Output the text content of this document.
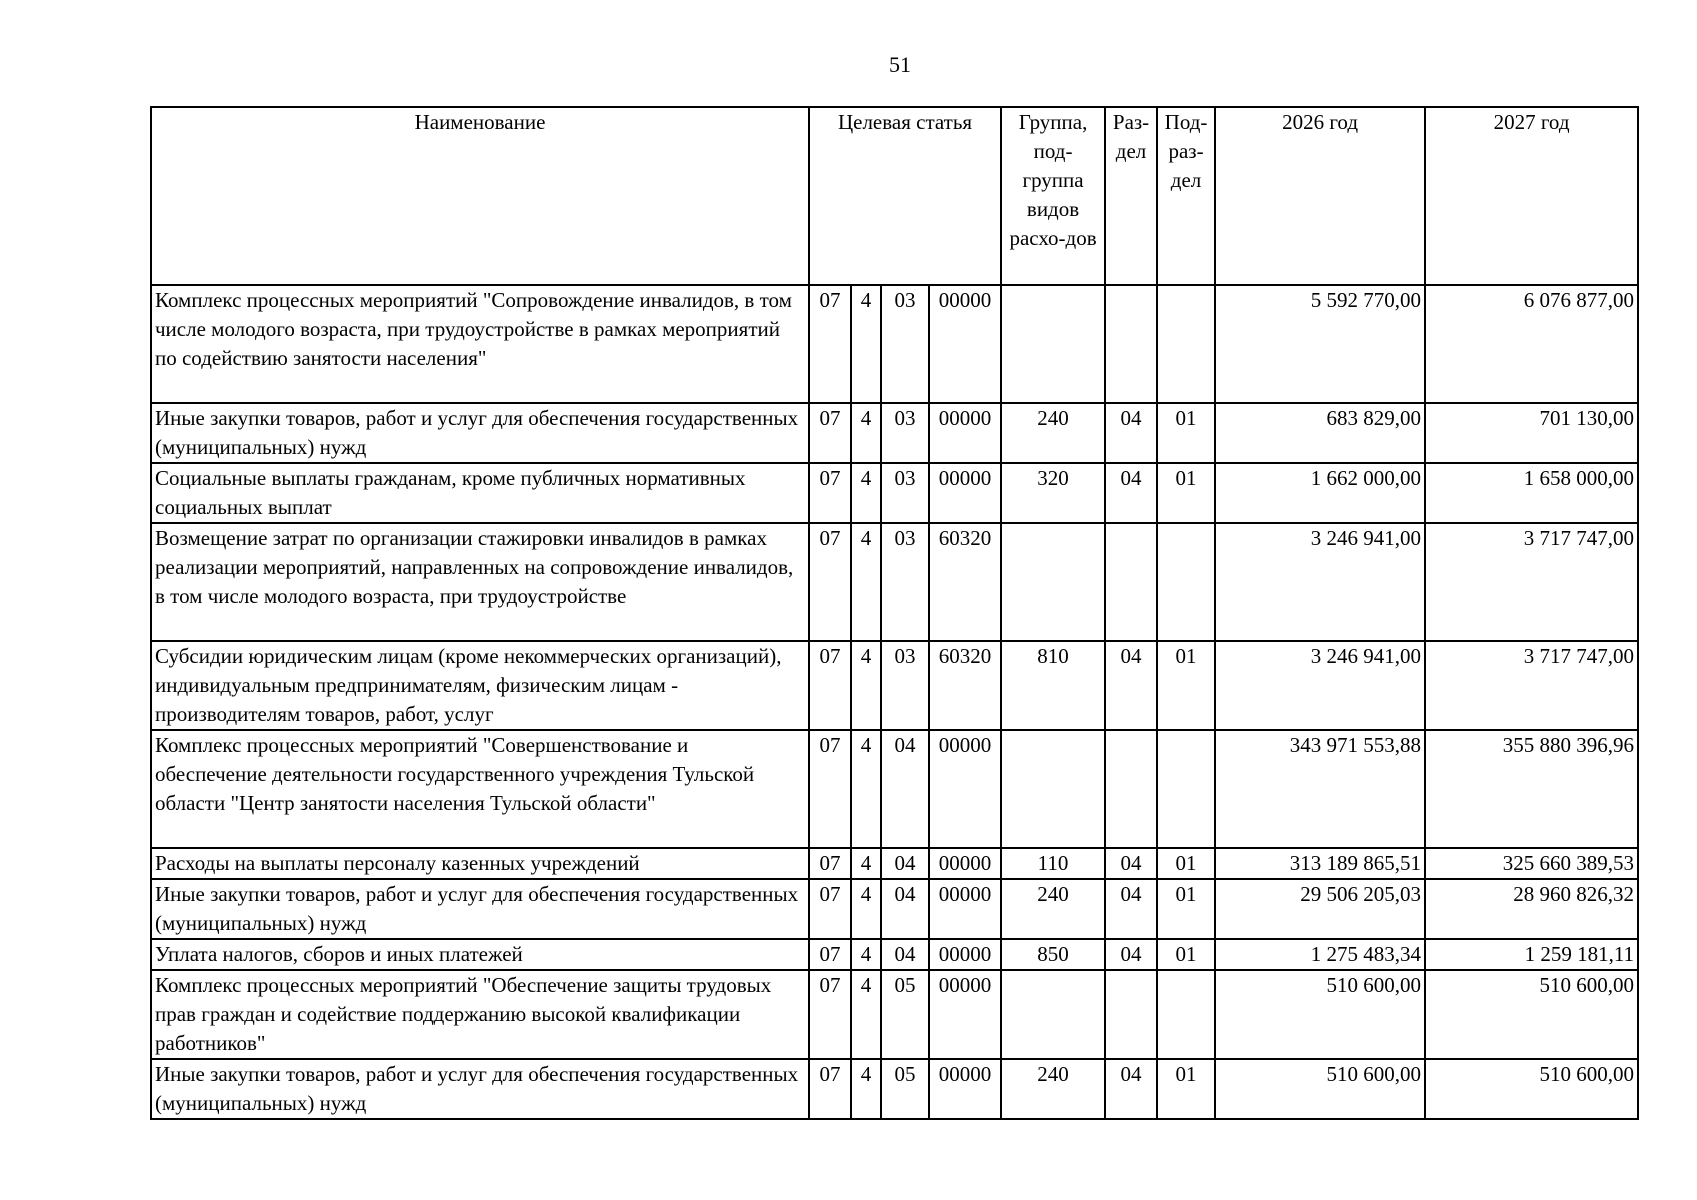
51
Наименование	Целевая статья				Группа, под-группа видов расхо-дов	Раз-дел	Под-раз-дел	2026 год	2027 год
Комплекс процессных мероприятий "Сопровождение инвалидов, в том числе молодого возраста, при трудоустройстве в рамках мероприятий по содействию занятости населения"	07	4	03	00000				5 592 770,00	6 076 877,00
Иные закупки товаров, работ и услуг для обеспечения государственных (муниципальных) нужд	07	4	03	00000	240	04	01	683 829,00	701 130,00
Социальные выплаты гражданам, кроме публичных нормативных социальных выплат	07	4	03	00000	320	04	01	1 662 000,00	1 658 000,00
Возмещение затрат по организации стажировки инвалидов в рамках реализации мероприятий, направленных на сопровождение инвалидов, в том числе молодого возраста, при трудоустройстве	07	4	03	60320				3 246 941,00	3 717 747,00
Субсидии юридическим лицам (кроме некоммерческих организаций), индивидуальным предпринимателям, физическим лицам - производителям товаров, работ, услуг	07	4	03	60320	810	04	01	3 246 941,00	3 717 747,00
Комплекс процессных мероприятий "Совершенствование и обеспечение деятельности государственного учреждения Тульской области "Центр занятости населения Тульской области"	07	4	04	00000				343 971 553,88	355 880 396,96
Расходы на выплаты персоналу казенных учреждений	07	4	04	00000	110	04	01	313 189 865,51	325 660 389,53
Иные закупки товаров, работ и услуг для обеспечения государственных (муниципальных) нужд	07	4	04	00000	240	04	01	29 506 205,03	28 960 826,32
Уплата налогов, сборов и иных платежей	07	4	04	00000	850	04	01	1 275 483,34	1 259 181,11
Комплекс процессных мероприятий "Обеспечение защиты трудовых прав граждан и содействие поддержанию высокой квалификации работников"	07	4	05	00000				510 600,00	510 600,00
Иные закупки товаров, работ и услуг для обеспечения государственных (муниципальных) нужд	07	4	05	00000	240	04	01	510 600,00	510 600,00
